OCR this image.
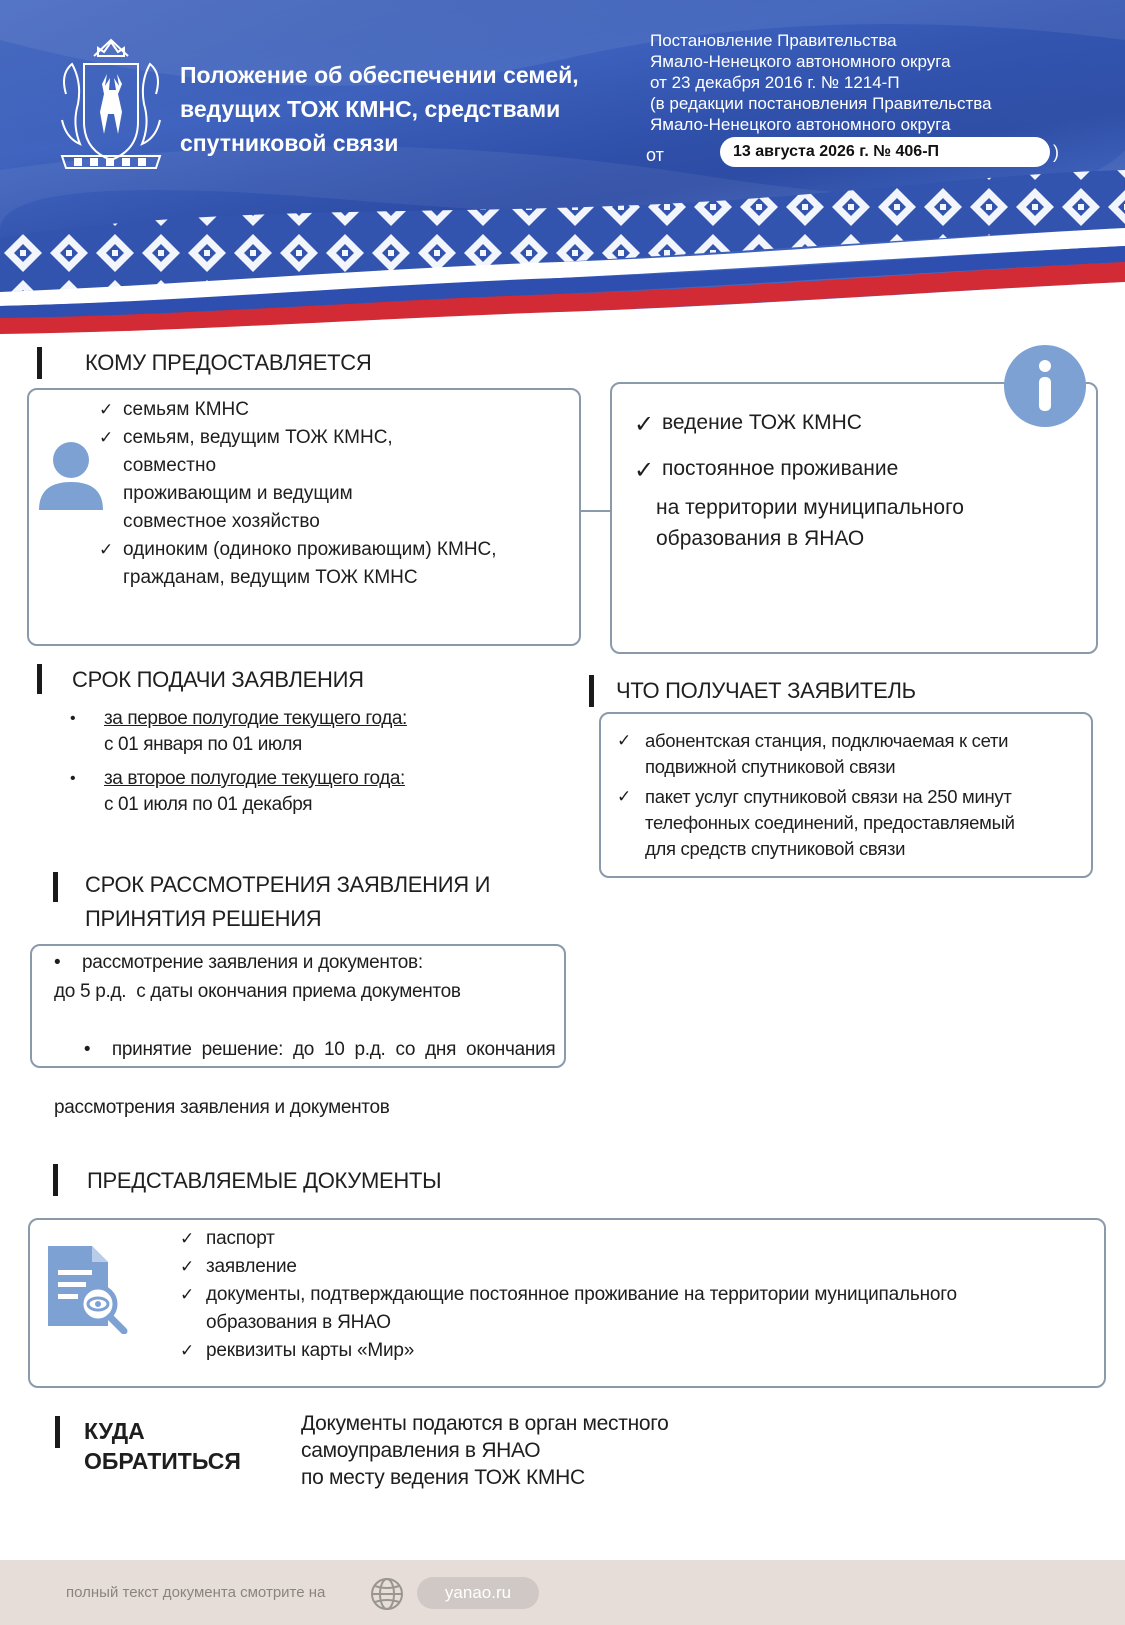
Положение об обеспечении семей,
ведущих ТОЖ КМНС, средствами
спутниковой связи
Постановление Правительства
Ямало-Ненецкого автономного округа
от 23 декабря 2016 г. № 1214-П
(в редакции постановления Правительства
Ямало-Ненецкого автономного округа
от	13 августа 2026 г. № 406-П	)
КОМУ ПРЕДОСТАВЛЯЕТСЯ
✓ семьям КМНС
✓ семьям, ведущим ТОЖ КМНС,
совместно
проживающим и ведущим
совместное хозяйство
✓ одиноким (одиноко проживающим) КМНС,
гражданам, ведущим ТОЖ КМНС
✓ ведение ТОЖ КМНС
✓ постоянное проживание
на территории муниципального
образования в ЯНАО
СРОК ПОДАЧИ ЗАЯВЛЕНИЯ
• за первое полугодие текущего года:
с 01 января по 01 июля
• за второе полугодие текущего года:
с 01 июля по 01 декабря
ЧТО ПОЛУЧАЕТ ЗАЯВИТЕЛЬ
✓ абонентская станция, подключаемая к сети
подвижной спутниковой связи
✓ пакет услуг спутниковой связи на 250 минут
телефонных соединений, предоставляемый
для средств спутниковой связи
СРОК РАССМОТРЕНИЯ ЗАЯВЛЕНИЯ И
ПРИНЯТИЯ РЕШЕНИЯ
• рассмотрение заявления и документов:
до 5 р.д.  с даты окончания приема документов

• принятие  решение:  до  10  р.д.  со  дня  окончания

рассмотрения заявления и документов
ПРЕДСТАВЛЯЕМЫЕ ДОКУМЕНТЫ
✓ паспорт
✓ заявление
✓ документы, подтверждающие постоянное проживание на территории муниципального
образования в ЯНАО
✓ реквизиты карты «Мир»
КУДА
ОБРАТИТЬСЯ
Документы подаются в орган местного
самоуправления в ЯНАО
по месту ведения ТОЖ КМНС
полный текст документа смотрите на	yanao.ru
